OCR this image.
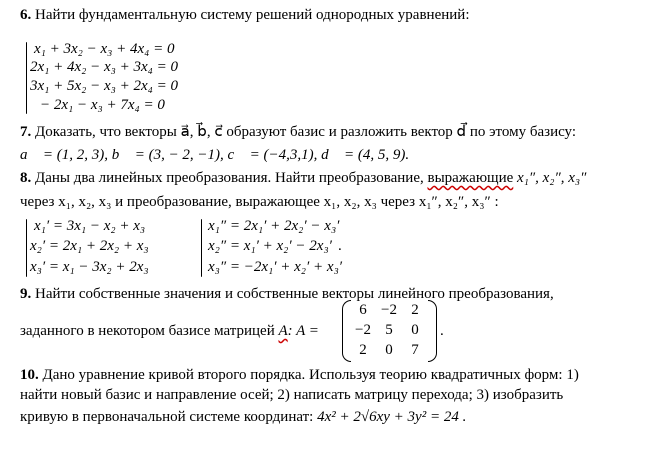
6. Найти фундаментальную систему решений однородных уравнений:
x₁ + 3x₂ − x₃ + 4x₄ = 0
2x₁ + 4x₂ − x₃ + 3x₄ = 0
3x₁ + 5x₂ − x₃ + 2x₄ = 0
− 2x₁ − x₃ + 7x₄ = 0
7. Доказать, что векторы a⃗, b⃗, c⃗ образуют базис и разложить вектор d⃗ по этому базису:
a⃗ = (1, 2, 3), b⃗ = (3, − 2, −1), c⃗ = (−4,3,1), d⃗ = (4, 5, 9).
8. Даны два линейных преобразования. Найти преобразование, выражающие x₁″, x₂″, x₃″
через x₁, x₂, x₃ и преобразование, выражающее x₁, x₂, x₃ через x₁″, x₂″, x₃″ :
x₁′ = 3x₁ − x₂ + x₃
x₂′ = 2x₁ + 2x₂ + x₃
x₃′ = x₁ − 3x₂ + 2x₃
x₁″ = 2x₁′ + 2x₂′ − x₃′
x₂″ = x₁′ + x₂′ − 2x₃′
x₃″ = −2x₁′ + x₂′ + x₃′
.
9. Найти собственные значения и собственные векторы линейного преобразования,
заданного в некотором базисе матрицей A: A =
6 −2 2
−2 5	0
2	0	7
.
10. Дано уравнение кривой второго порядка. Используя теорию квадратичных форм: 1)
найти новый базис и направление осей; 2) написать матрицу перехода; 3) изобразить
кривую в первоначальной системе координат: 4x² + 2√6xy + 3y² = 24 .
